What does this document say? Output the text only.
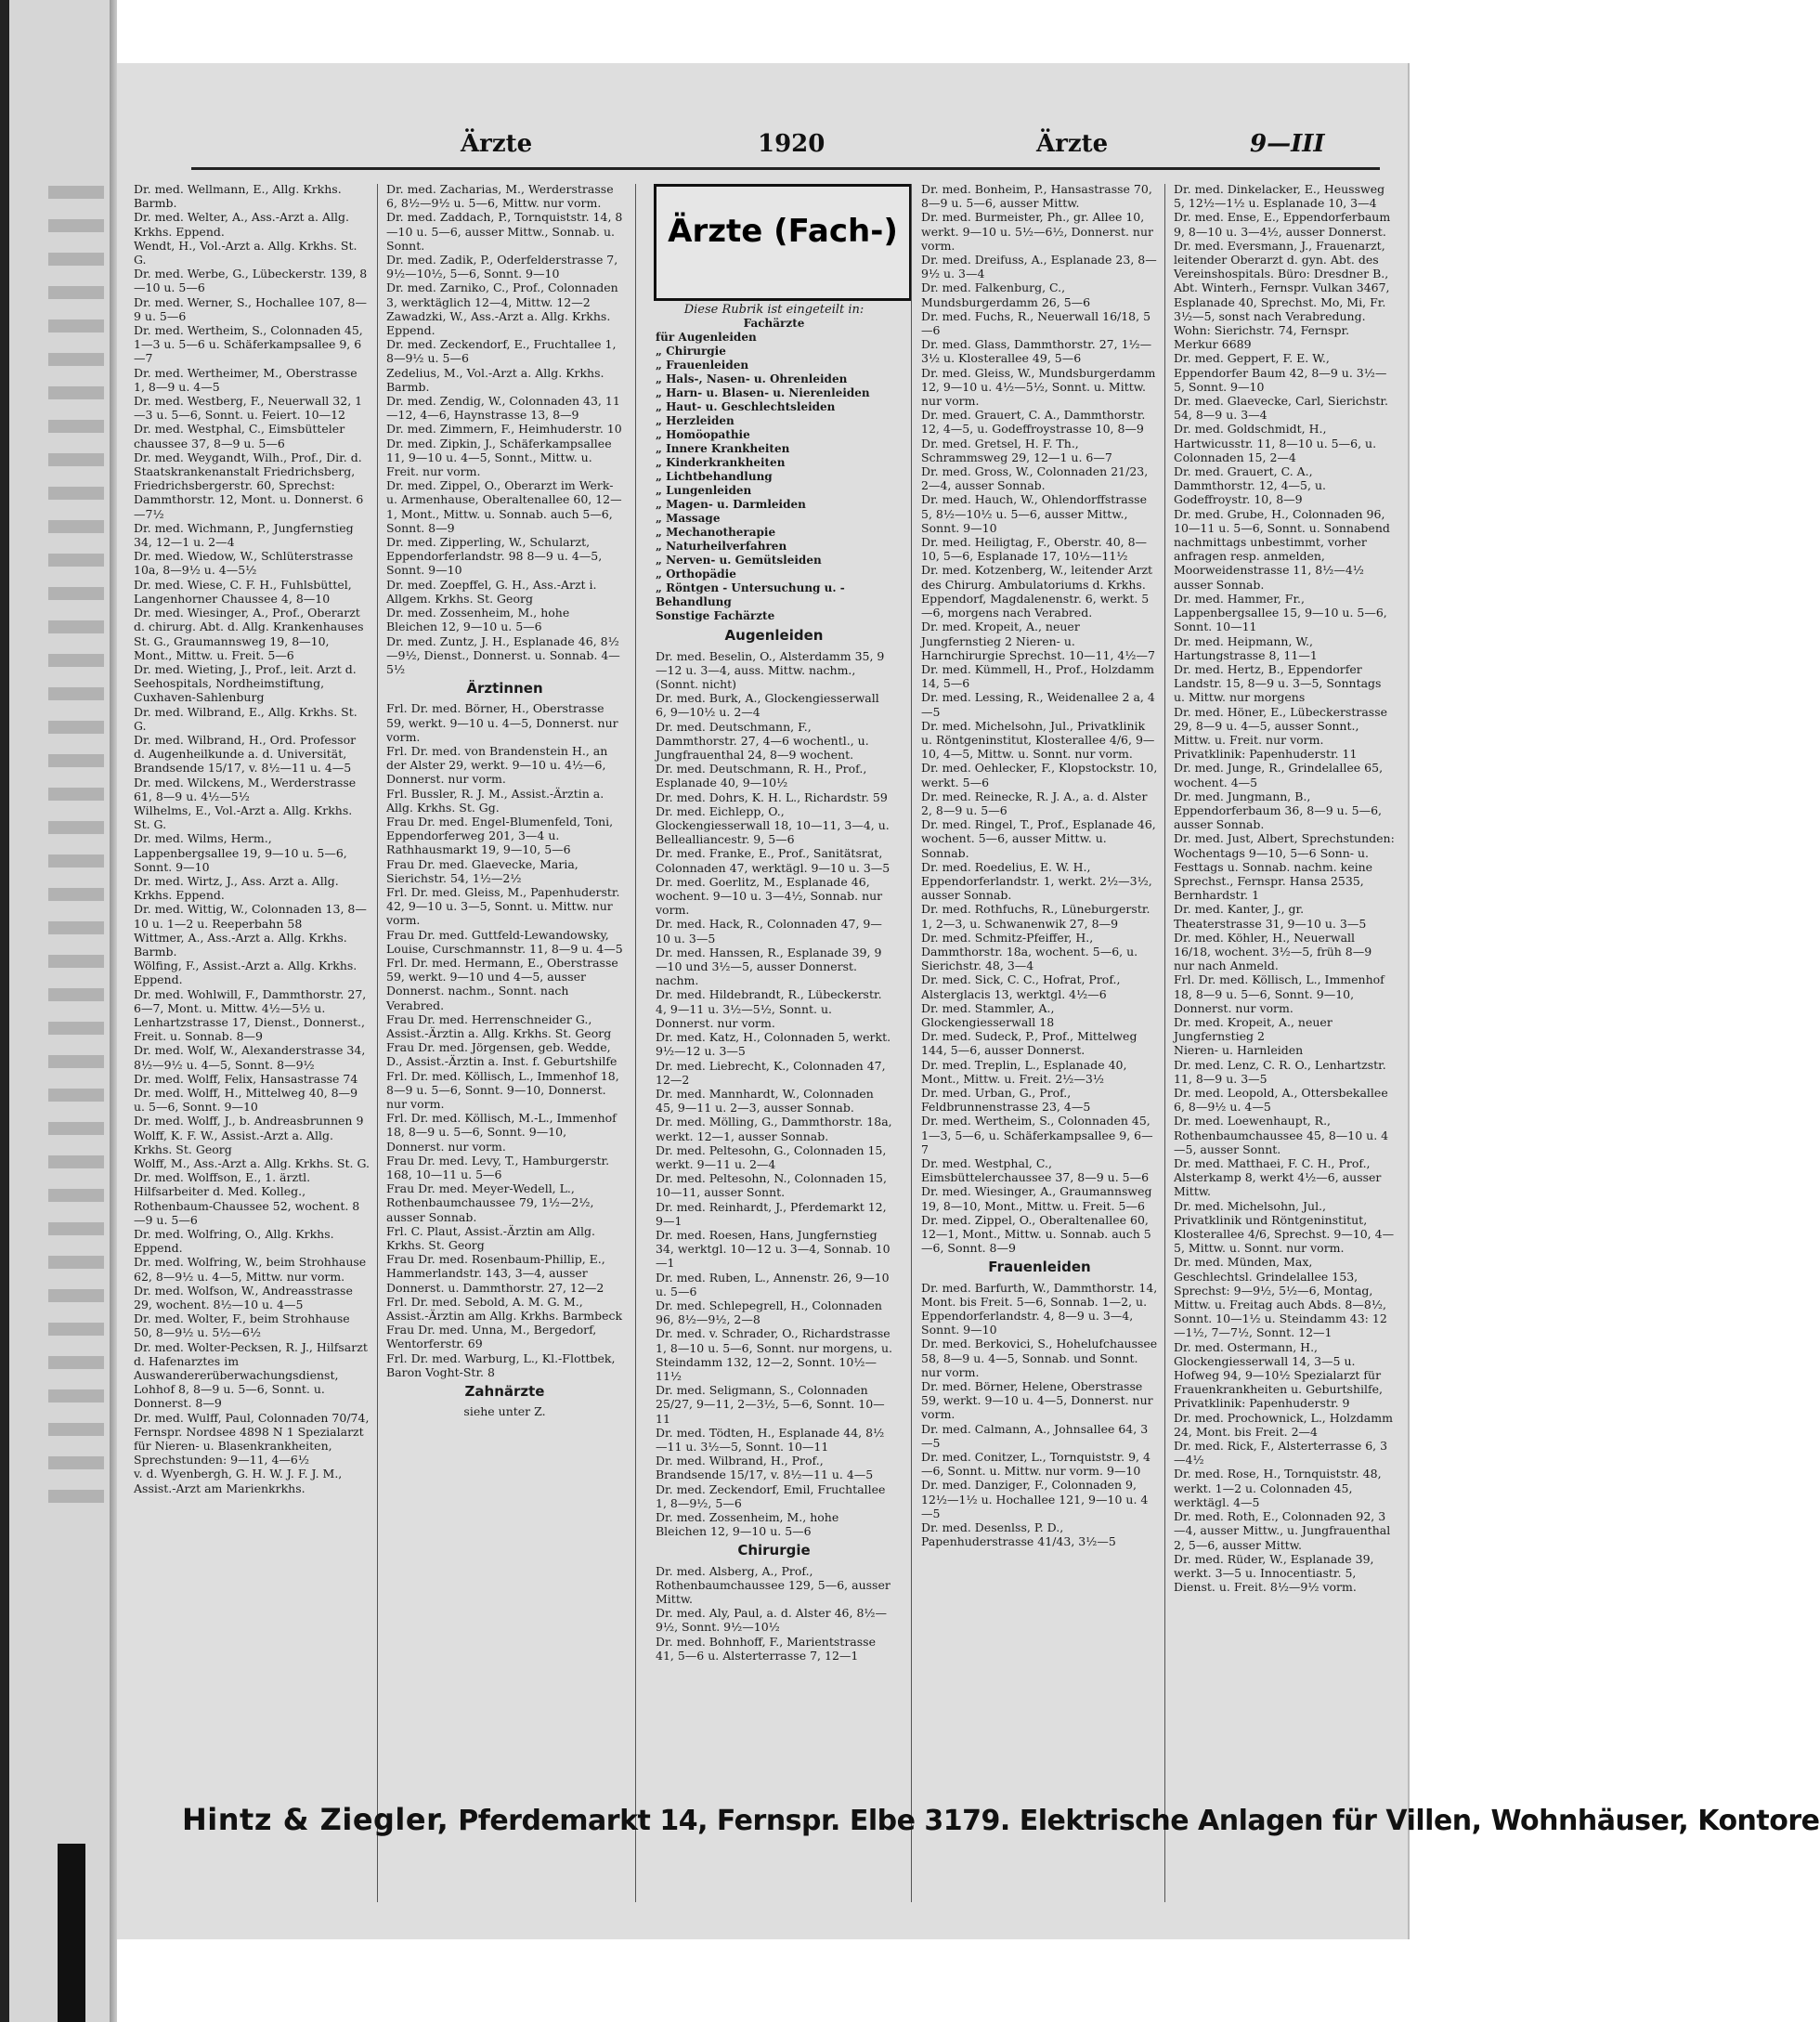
Ärzte	1920	Ärzte	9—III
Dr. med. Wellmann, E., Allg. Krkhs. Barmb.
Dr. med. Welter, A., Ass.-Arzt a. Allg. Krkhs. Eppend.
Wendt, H., Vol.-Arzt a. Allg. Krkhs. St. G.
Dr. med. Werbe, G., Lübeckerstr. 139, 8—10 u. 5—6
Dr. med. Werner, S., Hochallee 107, 8—9 u. 5—6
Dr. med. Wertheim, S., Colonnaden 45, 1—3 u. 5—6 u. Schäferkampsallee 9, 6—7
Dr. med. Wertheimer, M., Oberstrasse 1, 8—9 u. 4—5
Dr. med. Westberg, F., Neuerwall 32, 1—3 u. 5—6, Sonnt. u. Feiert. 10—12
Dr. med. Westphal, C., Eimsbütteler chaussee 37, 8—9 u. 5—6
Dr. med. Weygandt, Wilh., Prof., Dir. d. Staatskrankenanstalt Friedrichsberg, Friedrichsbergerstr. 60, Sprechst: Dammthorstr. 12, Mont. u. Donnerst. 6—7½
Dr. med. Wichmann, P., Jungfernstieg 34, 12—1 u. 2—4
Dr. med. Wiedow, W., Schlüterstrasse 10a, 8—9½ u. 4—5½
Dr. med. Wiese, C. F. H., Fuhlsbüttel, Langenhorner Chaussee 4, 8—10
Dr. med. Wiesinger, A., Prof., Oberarzt d. chirurg. Abt. d. Allg. Krankenhauses St. G., Graumannsweg 19, 8—10, Mont., Mittw. u. Freit. 5—6
Dr. med. Wieting, J., Prof., leit. Arzt d. Seehospitals, Nordheimstiftung, Cuxhaven-Sahlenburg
Dr. med. Wilbrand, E., Allg. Krkhs. St. G.
Dr. med. Wilbrand, H., Ord. Professor d. Augenheilkunde a. d. Universität, Brandsende 15/17, v. 8½—11 u. 4—5
Dr. med. Wilckens, M., Werderstrasse 61, 8—9 u. 4½—5½
Wilhelms, E., Vol.-Arzt a. Allg. Krkhs. St. G.
Dr. med. Wilms, Herm., Lappenbergsallee 19, 9—10 u. 5—6, Sonnt. 9—10
Dr. med. Wirtz, J., Ass. Arzt a. Allg. Krkhs. Eppend.
Dr. med. Wittig, W., Colonnaden 13, 8—10 u. 1—2 u. Reeperbahn 58
Wittmer, A., Ass.-Arzt a. Allg. Krkhs. Barmb.
Wölfing, F., Assist.-Arzt a. Allg. Krkhs. Eppend.
Dr. med. Wohlwill, F., Dammthorstr. 27, 6—7, Mont. u. Mittw. 4½—5½ u. Lenhartzstrasse 17, Dienst., Donnerst., Freit. u. Sonnab. 8—9
Dr. med. Wolf, W., Alexanderstrasse 34, 8½—9½ u. 4—5, Sonnt. 8—9½
Dr. med. Wolff, Felix, Hansastrasse 74
Dr. med. Wolff, H., Mittelweg 40, 8—9 u. 5—6, Sonnt. 9—10
Dr. med. Wolff, J., b. Andreasbrunnen 9
Wolff, K. F. W., Assist.-Arzt a. Allg. Krkhs. St. Georg
Wolff, M., Ass.-Arzt a. Allg. Krkhs. St. G.
Dr. med. Wolffson, E., 1. ärztl. Hilfsarbeiter d. Med. Kolleg., Rothenbaum-Chaussee 52, wochent. 8—9 u. 5—6
Dr. med. Wolfring, O., Allg. Krkhs. Eppend.
Dr. med. Wolfring, W., beim Strohhause 62, 8—9½ u. 4—5, Mittw. nur vorm.
Dr. med. Wolfson, W., Andreasstrasse 29, wochent. 8½—10 u. 4—5
Dr. med. Wolter, F., beim Strohhause 50, 8—9½ u. 5½—6½
Dr. med. Wolter-Pecksen, R. J., Hilfsarzt d. Hafenarztes im Auswandererüberwachungsdienst, Lohhof 8, 8—9 u. 5—6, Sonnt. u. Donnerst. 8—9
Dr. med. Wulff, Paul, Colonnaden 70/74, Fernspr. Nordsee 4898 N 1 Spezialarzt für Nieren- u. Blasenkrankheiten, Sprechstunden: 9—11, 4—6½
v. d. Wyenbergh, G. H. W. J. F. J. M., Assist.-Arzt am Marienkrkhs.
Dr. med. Zacharias, M., Werderstrasse 6, 8½—9½ u. 5—6, Mittw. nur vorm.
Dr. med. Zaddach, P., Tornquiststr. 14, 8—10 u. 5—6, ausser Mittw., Sonnab. u. Sonnt.
Dr. med. Zadik, P., Oderfelderstrasse 7, 9½—10½, 5—6, Sonnt. 9—10
Dr. med. Zarniko, C., Prof., Colonnaden 3, werktäglich 12—4, Mittw. 12—2
Zawadzki, W., Ass.-Arzt a. Allg. Krkhs. Eppend.
Dr. med. Zeckendorf, E., Fruchtallee 1, 8—9½ u. 5—6
Zedelius, M., Vol.-Arzt a. Allg. Krkhs. Barmb.
Dr. med. Zendig, W., Colonnaden 43, 11—12, 4—6, Haynstrasse 13, 8—9
Dr. med. Zimmern, F., Heimhuderstr. 10
Dr. med. Zipkin, J., Schäferkampsallee 11, 9—10 u. 4—5, Sonnt., Mittw. u. Freit. nur vorm.
Dr. med. Zippel, O., Oberarzt im Werk- u. Armenhause, Oberaltenallee 60, 12—1, Mont., Mittw. u. Sonnab. auch 5—6, Sonnt. 8—9
Dr. med. Zipperling, W., Schularzt, Eppendorferlandstr. 98 8—9 u. 4—5, Sonnt. 9—10
Dr. med. Zoepffel, G. H., Ass.-Arzt i. Allgem. Krkhs. St. Georg
Dr. med. Zossenheim, M., hohe Bleichen 12, 9—10 u. 5—6
Dr. med. Zuntz, J. H., Esplanade 46, 8½—9½, Dienst., Donnerst. u. Sonnab. 4—5½
Ärztinnen
Frl. Dr. med. Börner, H., Oberstrasse 59, werkt. 9—10 u. 4—5, Donnerst. nur vorm.
Frl. Dr. med. von Brandenstein H., an der Alster 29, werkt. 9—10 u. 4½—6, Donnerst. nur vorm.
Frl. Bussler, R. J. M., Assist.-Ärztin a. Allg. Krkhs. St. Gg.
Frau Dr. med. Engel-Blumenfeld, Toni, Eppendorferweg 201, 3—4 u. Rathhausmarkt 19, 9—10, 5—6
Frau Dr. med. Glaevecke, Maria, Sierichstr. 54, 1½—2½
Frl. Dr. med. Gleiss, M., Papenhuderstr. 42, 9—10 u. 3—5, Sonnt. u. Mittw. nur vorm.
Frau Dr. med. Guttfeld-Lewandowsky, Louise, Curschmannstr. 11, 8—9 u. 4—5
Frl. Dr. med. Hermann, E., Oberstrasse 59, werkt. 9—10 und 4—5, ausser Donnerst. nachm., Sonnt. nach Verabred.
Frau Dr. med. Herrenschneider G., Assist.-Ärztin a. Allg. Krkhs. St. Georg
Frau Dr. med. Jörgensen, geb. Wedde, D., Assist.-Ärztin a. Inst. f. Geburtshilfe
Frl. Dr. med. Köllisch, L., Immenhof 18, 8—9 u. 5—6, Sonnt. 9—10, Donnerst. nur vorm.
Frl. Dr. med. Köllisch, M.-L., Immenhof 18, 8—9 u. 5—6, Sonnt. 9—10, Donnerst. nur vorm.
Frau Dr. med. Levy, T., Hamburgerstr. 168, 10—11 u. 5—6
Frau Dr. med. Meyer-Wedell, L., Rothenbaumchaussee 79, 1½—2½, ausser Sonnab.
Frl. C. Plaut, Assist.-Ärztin am Allg. Krkhs. St. Georg
Frau Dr. med. Rosenbaum-Phillip, E., Hammerlandstr. 143, 3—4, ausser Donnerst. u. Dammthorstr. 27, 12—2
Frl. Dr. med. Sebold, A. M. G. M., Assist.-Ärztin am Allg. Krkhs. Barmbeck
Frau Dr. med. Unna, M., Bergedorf, Wentorferstr. 69
Frl. Dr. med. Warburg, L., Kl.-Flottbek, Baron Voght-Str. 8
Zahnärzte
siehe unter Z.
Ärzte (Fach-)
Diese Rubrik ist eingeteilt in:
Fachärzte
für Augenleiden
„ Chirurgie
„ Frauenleiden
„ Hals-, Nasen- u. Ohrenleiden
„ Harn- u. Blasen- u. Nierenleiden
„ Haut- u. Geschlechtsleiden
„ Herzleiden
„ Homöopathie
„ Innere Krankheiten
„ Kinderkrankheiten
„ Lichtbehandlung
„ Lungenleiden
„ Magen- u. Darmleiden
„ Massage
„ Mechanotherapie
„ Naturheilverfahren
„ Nerven- u. Gemütsleiden
„ Orthopädie
„ Röntgen - Untersuchung u. -Behandlung
Sonstige Fachärzte
Augenleiden
Dr. med. Beselin, O., Alsterdamm 35, 9—12 u. 3—4, auss. Mittw. nachm., (Sonnt. nicht)
Dr. med. Burk, A., Glockengiesserwall 6, 9—10½ u. 2—4
Dr. med. Deutschmann, F., Dammthorstr. 27, 4—6 wochentl., u. Jungfrauenthal 24, 8—9 wochent.
Dr. med. Deutschmann, R. H., Prof., Esplanade 40, 9—10½
Dr. med. Dohrs, K. H. L., Richardstr. 59
Dr. med. Eichlepp, O., Glockengiesserwall 18, 10—11, 3—4, u. Bellealliancestr. 9, 5—6
Dr. med. Franke, E., Prof., Sanitätsrat, Colonnaden 47, werktägl. 9—10 u. 3—5
Dr. med. Goerlitz, M., Esplanade 46, wochent. 9—10 u. 3—4½, Sonnab. nur vorm.
Dr. med. Hack, R., Colonnaden 47, 9—10 u. 3—5
Dr. med. Hanssen, R., Esplanade 39, 9—10 und 3½—5, ausser Donnerst. nachm.
Dr. med. Hildebrandt, R., Lübeckerstr. 4, 9—11 u. 3½—5½, Sonnt. u. Donnerst. nur vorm.
Dr. med. Katz, H., Colonnaden 5, werkt. 9½—12 u. 3—5
Dr. med. Liebrecht, K., Colonnaden 47, 12—2
Dr. med. Mannhardt, W., Colonnaden 45, 9—11 u. 2—3, ausser Sonnab.
Dr. med. Mölling, G., Dammthorstr. 18a, werkt. 12—1, ausser Sonnab.
Dr. med. Peltesohn, G., Colonnaden 15, werkt. 9—11 u. 2—4
Dr. med. Peltesohn, N., Colonnaden 15, 10—11, ausser Sonnt.
Dr. med. Reinhardt, J., Pferdemarkt 12, 9—1
Dr. med. Roesen, Hans, Jungfernstieg 34, werktgl. 10—12 u. 3—4, Sonnab. 10—1
Dr. med. Ruben, L., Annenstr. 26, 9—10 u. 5—6
Dr. med. Schlepegrell, H., Colonnaden 96, 8½—9½, 2—8
Dr. med. v. Schrader, O., Richardstrasse 1, 8—10 u. 5—6, Sonnt. nur morgens, u. Steindamm 132, 12—2, Sonnt. 10½—11½
Dr. med. Seligmann, S., Colonnaden 25/27, 9—11, 2—3½, 5—6, Sonnt. 10—11
Dr. med. Tödten, H., Esplanade 44, 8½—11 u. 3½—5, Sonnt. 10—11
Dr. med. Wilbrand, H., Prof., Brandsende 15/17, v. 8½—11 u. 4—5
Dr. med. Zeckendorf, Emil, Fruchtallee 1, 8—9½, 5—6
Dr. med. Zossenheim, M., hohe Bleichen 12, 9—10 u. 5—6
Chirurgie
Dr. med. Alsberg, A., Prof., Rothenbaumchaussee 129, 5—6, ausser Mittw.
Dr. med. Aly, Paul, a. d. Alster 46, 8½—9½, Sonnt. 9½—10½
Dr. med. Bohnhoff, F., Marientstrasse 41, 5—6 u. Alsterterrasse 7, 12—1
Dr. med. Bonheim, P., Hansastrasse 70, 8—9 u. 5—6, ausser Mittw.
Dr. med. Burmeister, Ph., gr. Allee 10, werkt. 9—10 u. 5½—6½, Donnerst. nur vorm.
Dr. med. Dreifuss, A., Esplanade 23, 8—9½ u. 3—4
Dr. med. Falkenburg, C., Mundsburgerdamm 26, 5—6
Dr. med. Fuchs, R., Neuerwall 16/18, 5—6
Dr. med. Glass, Dammthorstr. 27, 1½—3½ u. Klosterallee 49, 5—6
Dr. med. Gleiss, W., Mundsburgerdamm 12, 9—10 u. 4½—5½, Sonnt. u. Mittw. nur vorm.
Dr. med. Grauert, C. A., Dammthorstr. 12, 4—5, u. Godeffroystrasse 10, 8—9
Dr. med. Gretsel, H. F. Th., Schrammsweg 29, 12—1 u. 6—7
Dr. med. Gross, W., Colonnaden 21/23, 2—4, ausser Sonnab.
Dr. med. Hauch, W., Ohlendorffstrasse 5, 8½—10½ u. 5—6, ausser Mittw., Sonnt. 9—10
Dr. med. Heiligtag, F., Oberstr. 40, 8—10, 5—6, Esplanade 17, 10½—11½
Dr. med. Kotzenberg, W., leitender Arzt des Chirurg. Ambulatoriums d. Krkhs. Eppendorf, Magdalenenstr. 6, werkt. 5—6, morgens nach Verabred.
Dr. med. Kropeit, A., neuer Jungfernstieg 2 Nieren- u. Harnchirurgie Sprechst. 10—11, 4½—7
Dr. med. Kümmell, H., Prof., Holzdamm 14, 5—6
Dr. med. Lessing, R., Weidenallee 2 a, 4—5
Dr. med. Michelsohn, Jul., Privatklinik u. Röntgeninstitut, Klosterallee 4/6, 9—10, 4—5, Mittw. u. Sonnt. nur vorm.
Dr. med. Oehlecker, F., Klopstockstr. 10, werkt. 5—6
Dr. med. Reinecke, R. J. A., a. d. Alster 2, 8—9 u. 5—6
Dr. med. Ringel, T., Prof., Esplanade 46, wochent. 5—6, ausser Mittw. u. Sonnab.
Dr. med. Roedelius, E. W. H., Eppendorferlandstr. 1, werkt. 2½—3½, ausser Sonnab.
Dr. med. Rothfuchs, R., Lüneburgerstr. 1, 2—3, u. Schwanenwik 27, 8—9
Dr. med. Schmitz-Pfeiffer, H., Dammthorstr. 18a, wochent. 5—6, u. Sierichstr. 48, 3—4
Dr. med. Sick, C. C., Hofrat, Prof., Alsterglacis 13, werktgl. 4½—6
Dr. med. Stammler, A., Glockengiesserwall 18
Dr. med. Sudeck, P., Prof., Mittelweg 144, 5—6, ausser Donnerst.
Dr. med. Treplin, L., Esplanade 40, Mont., Mittw. u. Freit. 2½—3½
Dr. med. Urban, G., Prof., Feldbrunnenstrasse 23, 4—5
Dr. med. Wertheim, S., Colonnaden 45, 1—3, 5—6, u. Schäferkampsallee 9, 6—7
Dr. med. Westphal, C., Eimsbüttelerchaussee 37, 8—9 u. 5—6
Dr. med. Wiesinger, A., Graumannsweg 19, 8—10, Mont., Mittw. u. Freit. 5—6
Dr. med. Zippel, O., Oberaltenallee 60, 12—1, Mont., Mittw. u. Sonnab. auch 5—6, Sonnt. 8—9
Frauenleiden
Dr. med. Barfurth, W., Dammthorstr. 14, Mont. bis Freit. 5—6, Sonnab. 1—2, u. Eppendorferlandstr. 4, 8—9 u. 3—4, Sonnt. 9—10
Dr. med. Berkovici, S., Hohelufchaussee 58, 8—9 u. 4—5, Sonnab. und Sonnt. nur vorm.
Dr. med. Börner, Helene, Oberstrasse 59, werkt. 9—10 u. 4—5, Donnerst. nur vorm.
Dr. med. Calmann, A., Johnsallee 64, 3—5
Dr. med. Conitzer, L., Tornquiststr. 9, 4—6, Sonnt. u. Mittw. nur vorm. 9—10
Dr. med. Danziger, F., Colonnaden 9, 12½—1½ u. Hochallee 121, 9—10 u. 4—5
Dr. med. Desenlss, P. D., Papenhuderstrasse 41/43, 3½—5
Dr. med. Dinkelacker, E., Heussweg 5, 12½—1½ u. Esplanade 10, 3—4
Dr. med. Ense, E., Eppendorferbaum 9, 8—10 u. 3—4½, ausser Donnerst.
Dr. med. Eversmann, J., Frauenarzt, leitender Oberarzt d. gyn. Abt. des Vereinshospitals. Büro: Dresdner B., Abt. Winterh., Fernspr. Vulkan 3467, Esplanade 40, Sprechst. Mo, Mi, Fr. 3½—5, sonst nach Verabredung. Wohn: Sierichstr. 74, Fernspr. Merkur 6689
Dr. med. Geppert, F. E. W., Eppendorfer Baum 42, 8—9 u. 3½—5, Sonnt. 9—10
Dr. med. Glaevecke, Carl, Sierichstr. 54, 8—9 u. 3—4
Dr. med. Goldschmidt, H., Hartwicusstr. 11, 8—10 u. 5—6, u. Colonnaden 15, 2—4
Dr. med. Grauert, C. A., Dammthorstr. 12, 4—5, u. Godeffroystr. 10, 8—9
Dr. med. Grube, H., Colonnaden 96, 10—11 u. 5—6, Sonnt. u. Sonnabend nachmittags unbestimmt, vorher anfragen resp. anmelden, Moorweidenstrasse 11, 8½—4½ ausser Sonnab.
Dr. med. Hammer, Fr., Lappenbergsallee 15, 9—10 u. 5—6, Sonnt. 10—11
Dr. med. Heipmann, W., Hartungstrasse 8, 11—1
Dr. med. Hertz, B., Eppendorfer Landstr. 15, 8—9 u. 3—5, Sonntags u. Mittw. nur morgens
Dr. med. Höner, E., Lübeckerstrasse 29, 8—9 u. 4—5, ausser Sonnt., Mittw. u. Freit. nur vorm. Privatklinik: Papenhuderstr. 11
Dr. med. Junge, R., Grindelallee 65, wochent. 4—5
Dr. med. Jungmann, B., Eppendorferbaum 36, 8—9 u. 5—6, ausser Sonnab.
Dr. med. Just, Albert, Sprechstunden: Wochentags 9—10, 5—6 Sonn- u. Festtags u. Sonnab. nachm. keine Sprechst., Fernspr. Hansa 2535, Bernhardstr. 1
Dr. med. Kanter, J., gr. Theaterstrasse 31, 9—10 u. 3—5
Dr. med. Köhler, H., Neuerwall 16/18, wochent. 3½—5, früh 8—9 nur nach Anmeld.
Frl. Dr. med. Köllisch, L., Immenhof 18, 8—9 u. 5—6, Sonnt. 9—10, Donnerst. nur vorm.
Dr. med. Kropeit, A., neuer Jungfernstieg 2
Nieren- u. Harnleiden
Dr. med. Lenz, C. R. O., Lenhartzstr. 11, 8—9 u. 3—5
Dr. med. Leopold, A., Ottersbekallee 6, 8—9½ u. 4—5
Dr. med. Loewenhaupt, R., Rothenbaumchaussee 45, 8—10 u. 4—5, ausser Sonnt.
Dr. med. Matthaei, F. C. H., Prof., Alsterkamp 8, werkt 4½—6, ausser Mittw.
Dr. med. Michelsohn, Jul., Privatklinik und Röntgeninstitut, Klosterallee 4/6, Sprechst. 9—10, 4—5, Mittw. u. Sonnt. nur vorm.
Dr. med. Münden, Max, Geschlechtsl. Grindelallee 153, Sprechst: 9—9½, 5½—6, Montag, Mittw. u. Freitag auch Abds. 8—8½, Sonnt. 10—1½ u. Steindamm 43: 12—1½, 7—7½, Sonnt. 12—1
Dr. med. Ostermann, H., Glockengiesserwall 14, 3—5 u. Hofweg 94, 9—10½ Spezialarzt für Frauenkrankheiten u. Geburtshilfe, Privatklinik: Papenhuderstr. 9
Dr. med. Prochownick, L., Holzdamm 24, Mont. bis Freit. 2—4
Dr. med. Rick, F., Alsterterrasse 6, 3—4½
Dr. med. Rose, H., Tornquiststr. 48, werkt. 1—2 u. Colonnaden 45, werktägl. 4—5
Dr. med. Roth, E., Colonnaden 92, 3—4, ausser Mittw., u. Jungfrauenthal 2, 5—6, ausser Mittw.
Dr. med. Rüder, W., Esplanade 39, werkt. 3—5 u. Innocentiastr. 5, Dienst. u. Freit. 8½—9½ vorm.
Hintz & Ziegler, Pferdemarkt 14, Fernspr. Elbe 3179. Elektrische Anlagen für Villen, Wohnhäuser, Kontore
